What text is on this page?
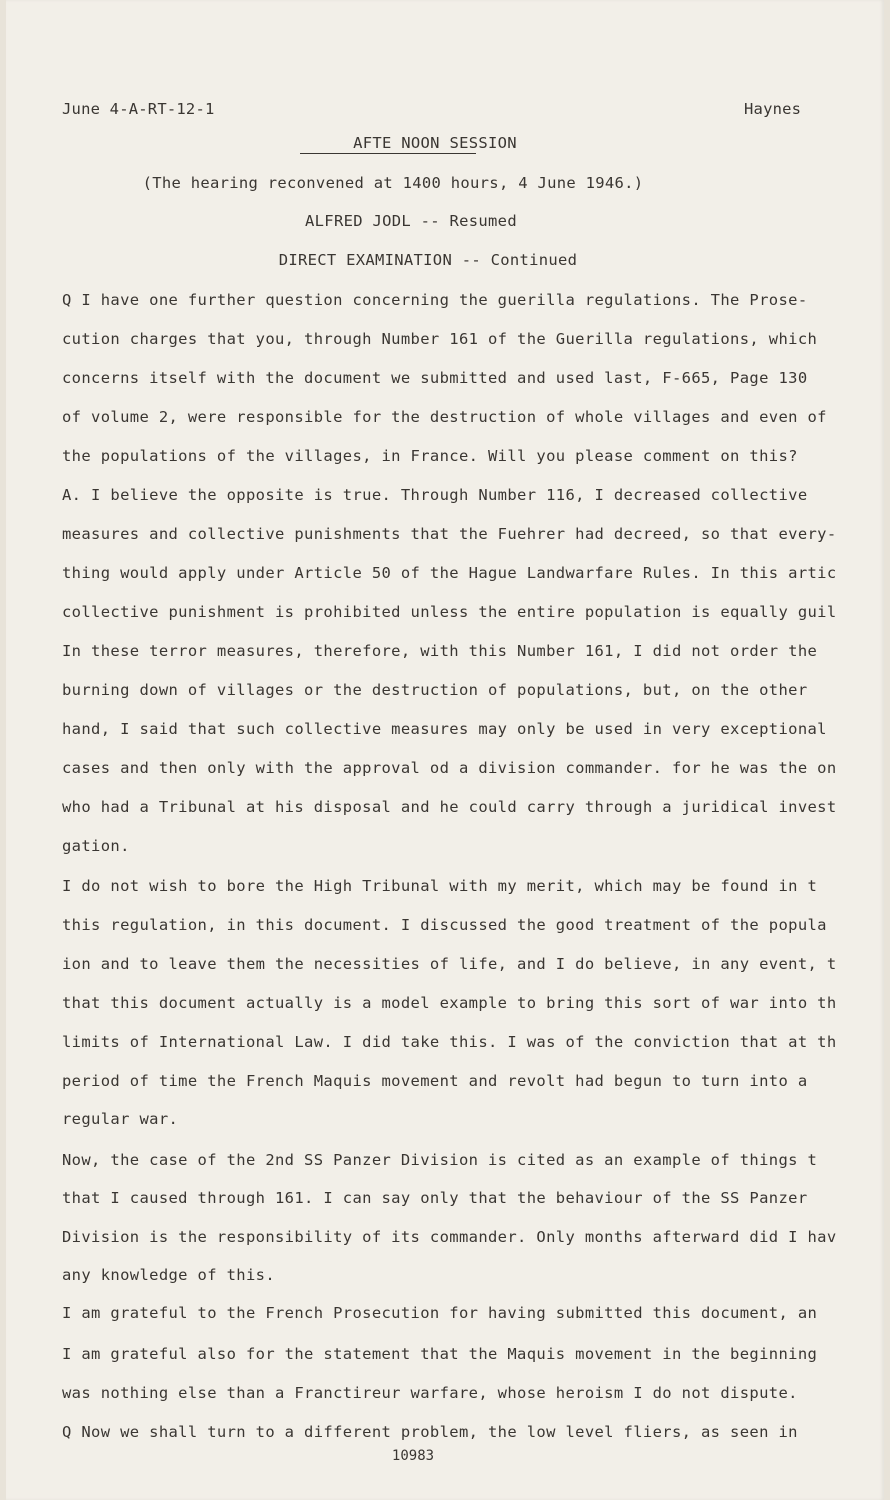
June 4-A-RT-12-1	Haynes
AFTE NOON SESSION
(The hearing reconvened at 1400 hours, 4 June 1946.)
ALFRED JODL -- Resumed
DIRECT EXAMINATION -- Continued
Q I have one further question concerning the guerilla regulations. The Prose-
cution charges that you, through Number 161 of the Guerilla regulations, which
concerns itself with the document we submitted and used last, F-665, Page 130
of volume 2, were responsible for the destruction of whole villages and even of
the populations of the villages, in France. Will you please comment on this?
A. I believe the opposite is true. Through Number 116, I decreased collective
measures and collective punishments that the Fuehrer had decreed, so that every-
thing would apply under Article 50 of the Hague Landwarfare Rules. In this artic
collective punishment is prohibited unless the entire population is equally guil
In these terror measures, therefore, with this Number 161, I did not order the
burning down of villages or the destruction of populations, but, on the other
hand, I said that such collective measures may only be used in very exceptional
cases and then only with the approval od a division commander. for he was the on
who had a Tribunal at his disposal and he could carry through a juridical invest
gation.
I do not wish to bore the High Tribunal with my merit, which may be found in t
this regulation, in this document. I discussed the good treatment of the popula
ion and to leave them the necessities of life, and I do believe, in any event, t
that this document actually is a model example to bring this sort of war into th
limits of International Law. I did take this. I was of the conviction that at th
period of time the French Maquis movement and revolt had begun to turn into a
regular war.
Now, the case of the 2nd SS Panzer Division is cited as an example of things t
that I caused through 161. I can say only that the behaviour of the SS Panzer
Division is the responsibility of its commander. Only months afterward did I hav
any knowledge of this.
I am grateful to the French Prosecution for having submitted this document, an
I am grateful also for the statement that the Maquis movement in the beginning
was nothing else than a Franctireur warfare, whose heroism I do not dispute.
Q Now we shall turn to a different problem, the low level fliers, as seen in
10983
